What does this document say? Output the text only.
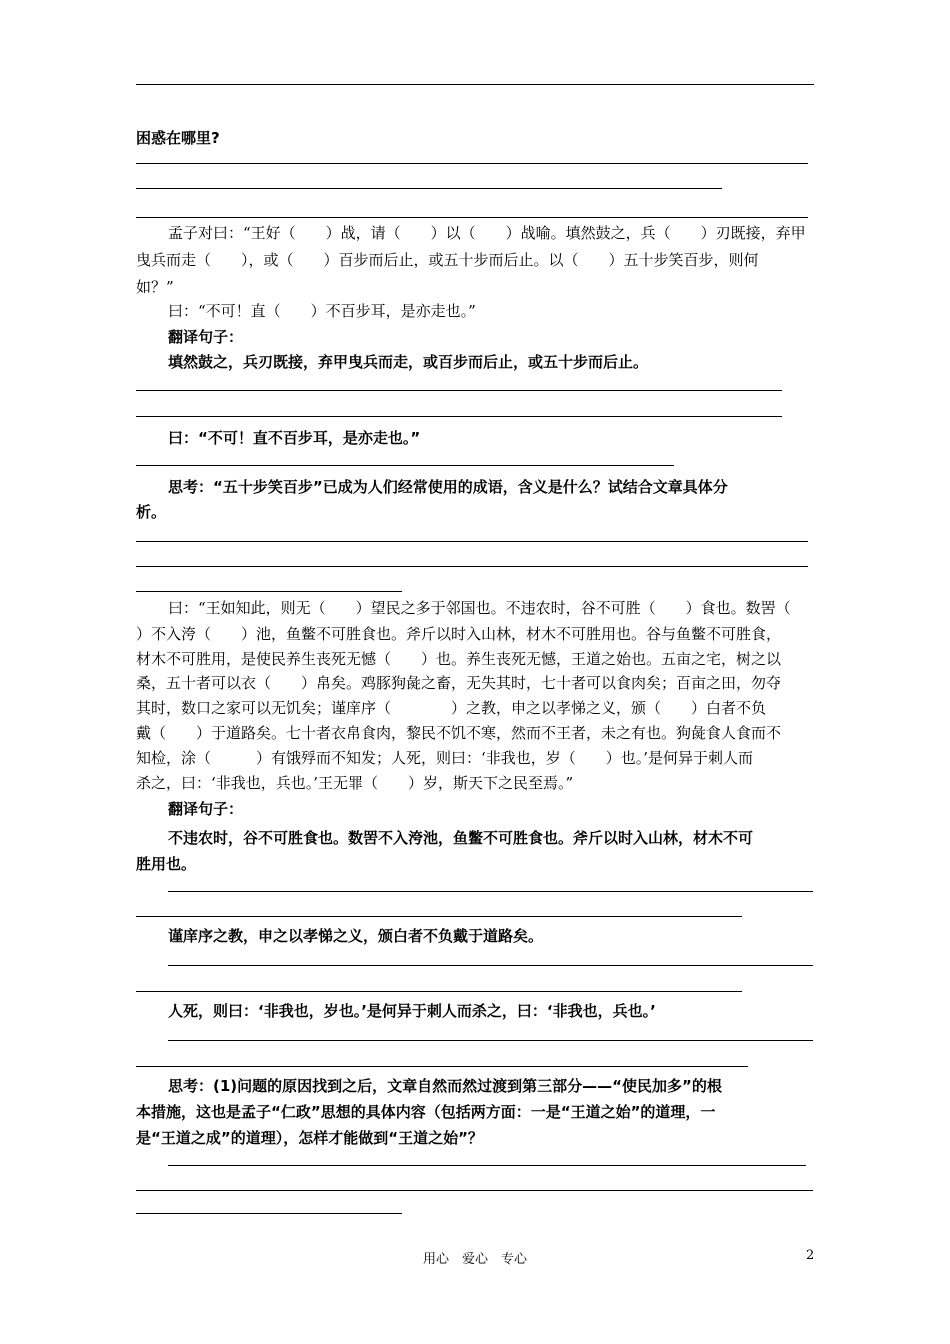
困惑在哪里?
孟子对曰：“王好（　　）战，请（　　）以（　　）战喻。填然鼓之，兵（　　）刃既接，弃甲
曳兵而走（　　），或（　　）百步而后止，或五十步而后止。以（　　）五十步笑百步，则何
如？”
曰：“不可！直（　　）不百步耳，是亦走也。”
翻译句子：
填然鼓之，兵刃既接，弃甲曳兵而走，或百步而后止，或五十步而后止。
曰：“不可！直不百步耳，是亦走也。”
思考：“五十步笑百步”已成为人们经常使用的成语，含义是什么？试结合文章具体分
析。
曰：“王如知此，则无（　　）望民之多于邻国也。不违农时，谷不可胜（　　）食也。数罟（
）不入洿（　　）池，鱼鳖不可胜食也。斧斤以时入山林，材木不可胜用也。谷与鱼鳖不可胜食，
材木不可胜用，是使民养生丧死无憾（　　）也。养生丧死无憾，王道之始也。五亩之宅，树之以
桑，五十者可以衣（　　）帛矣。鸡豚狗彘之畜，无失其时，七十者可以食肉矣；百亩之田，勿夺
其时，数口之家可以无饥矣；谨庠序（　　　　）之教，申之以孝悌之义，颁（　　）白者不负
戴（　　）于道路矣。七十者衣帛食肉，黎民不饥不寒，然而不王者，未之有也。狗彘食人食而不
知检，涂（　　　）有饿殍而不知发；人死，则曰：‘非我也，岁（　　）也。’是何异于刺人而
杀之，曰：‘非我也，兵也。’王无罪（　　）岁，斯天下之民至焉。”
翻译句子：
不违农时，谷不可胜食也。数罟不入洿池，鱼鳖不可胜食也。斧斤以时入山林，材木不可
胜用也。
谨庠序之教，申之以孝悌之义，颁白者不负戴于道路矣。
人死，则曰：‘非我也，岁也。’是何异于刺人而杀之，曰：‘非我也，兵也。’
思考：(1)问题的原因找到之后，文章自然而然过渡到第三部分——“使民加多”的根
本措施，这也是孟子“仁政”思想的具体内容（包括两方面：一是“王道之始”的道理，一
是“王道之成”的道理），怎样才能做到“王道之始”？
用心　爱心　专心	2
